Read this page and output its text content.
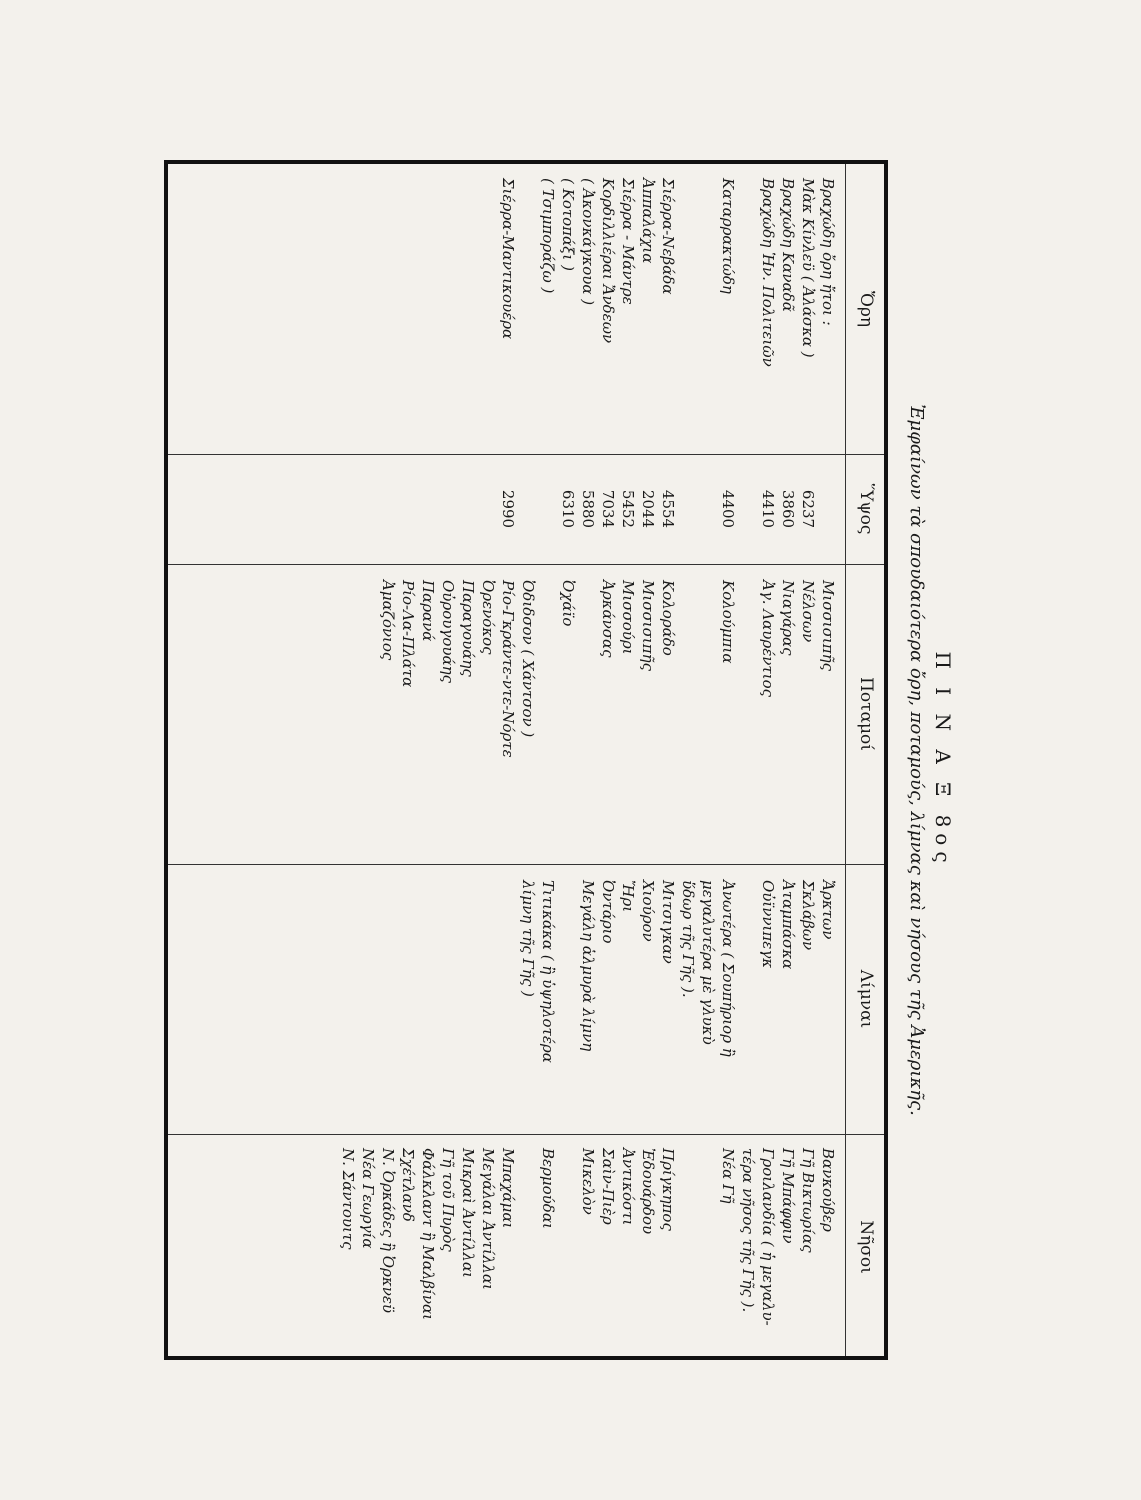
Π Ι Ν Α Ξ 8ος
Ἐμφαίνων τὰ σπουδαιότερα ὄρη, ποταμούς, λίμνας καὶ νήσους τῆς Ἀμερικῆς.
Ὄρη
Ὕψος
Ποταμοί
Λίμναι
Νῆσοι
Βραχώδη ὄρη ἤτοι :
Μὰκ Κίνλεϋ ( Ἀλάσκα )
Βραχώδη Καναδᾶ
Βραχώδη Ἡν. Πολιτειῶν
Καταρρακτώδη
Σιέρρα-Νεβάδα
Ἀππαλάχια
Σιέρρα - Μάντρε
Κορδιλλιέραι Ἄνδεων
( Ἀκονκάγκουα )
( Κοτοπάξι )
( Τσιμποράζω )
Σιέρρα-Μαντικουέρα
6237
3860
4410
4400
4554
2044
5452
7034
5880
6310
2990
Μισσισιπῆς
Νέλσων
Νιαγάρας
Ἀγ. Λαυρέντιος
Κολούμπια
Κολοράδο
Μισσισιπῆς
Μισσούρι
Ἀρκάνσας
Ὀχάϊο
Ὀδιδσον ( Χάντσον )
Ρίο-Γκράντε-ντε-Νόρτε
Ὀρενόκος
Παραγουάης
Οὐρουγουάης
Παρανά
Ρίο-Λα-Πλάτα
Ἀμαζόνιος
Ἄρκτων
Σκλάβων
Ἀταμπάσκα
Οὐϊννιπεγκ
Ἀνωτέρα ( Σουπήριορ ἢ
μεγαλυτέρα μὲ γλυκὺ
ὕδωρ τῆς Γῆς ).
Μιτσιγκαν
Χιούρον
Ἤρι
Ὀντάριο
Μεγάλη ἁλμυρὰ λίμνη
Τιτικάκα ( ἢ ὑψηλοτέρα
λίμνη τῆς Γῆς )
Βανκούβερ
Γῆ Βικτωρίας
Γῆ Μπάφφιν
Γροιλανδία ( ἡ μεγαλυ-
τέρα νῆσος τῆς Γῆς ).
Νέα Γῆ
Πρίγκηπος
Ἐδουάρδου
Ἀντικόστι
Σαὶν-Πιὲρ
Μικελὸν
Βερμούδαι
Μπαχάμαι
Μεγάλαι Ἀντίλλαι
Μικραὶ Ἀντίλλαι
Γῆ τοῦ Πυρὸς
Φάλκλαντ ἢ Μαλβίναι
Σχέτλανδ
Ν. Ὀρκάδες ἢ Ὀρκνεϋ
Νέα Γεωργία
Ν. Σάντουιτς
